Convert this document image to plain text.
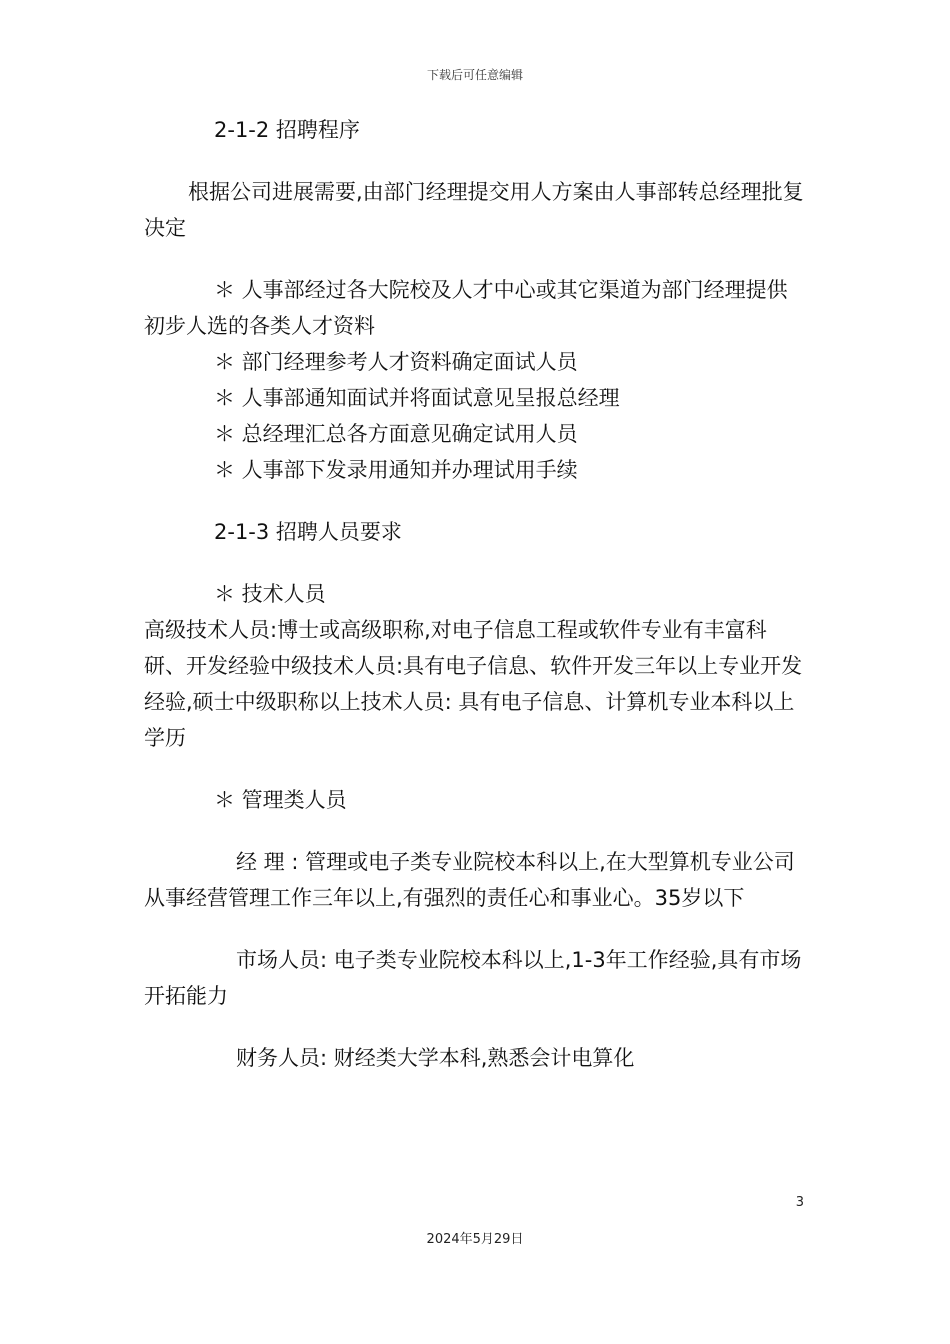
下载后可任意编辑

2-1-2 招聘程序

根据公司进展需要,由部门经理提交用人方案由人事部转总经理批复决定

＊ 人事部经过各大院校及人才中心或其它渠道为部门经理提供初步人选的各类人才资料

＊ 部门经理参考人才资料确定面试人员

＊ 人事部通知面试并将面试意见呈报总经理

＊ 总经理汇总各方面意见确定试用人员

＊ 人事部下发录用通知并办理试用手续

2-1-3 招聘人员要求

＊ 技术人员

高级技术人员:博士或高级职称,对电子信息工程或软件专业有丰富科研、开发经验中级技术人员:具有电子信息、软件开发三年以上专业开发经验,硕士中级职称以上技术人员: 具有电子信息、计算机专业本科以上学历

＊ 管理类人员

经 理 : 管理或电子类专业院校本科以上,在大型算机专业公司从事经营管理工作三年以上,有强烈的责任心和事业心。35岁以下

市场人员: 电子类专业院校本科以上,1-3年工作经验,具有市场开拓能力

财务人员: 财经类大学本科,熟悉会计电算化

3
2024年5月29日
